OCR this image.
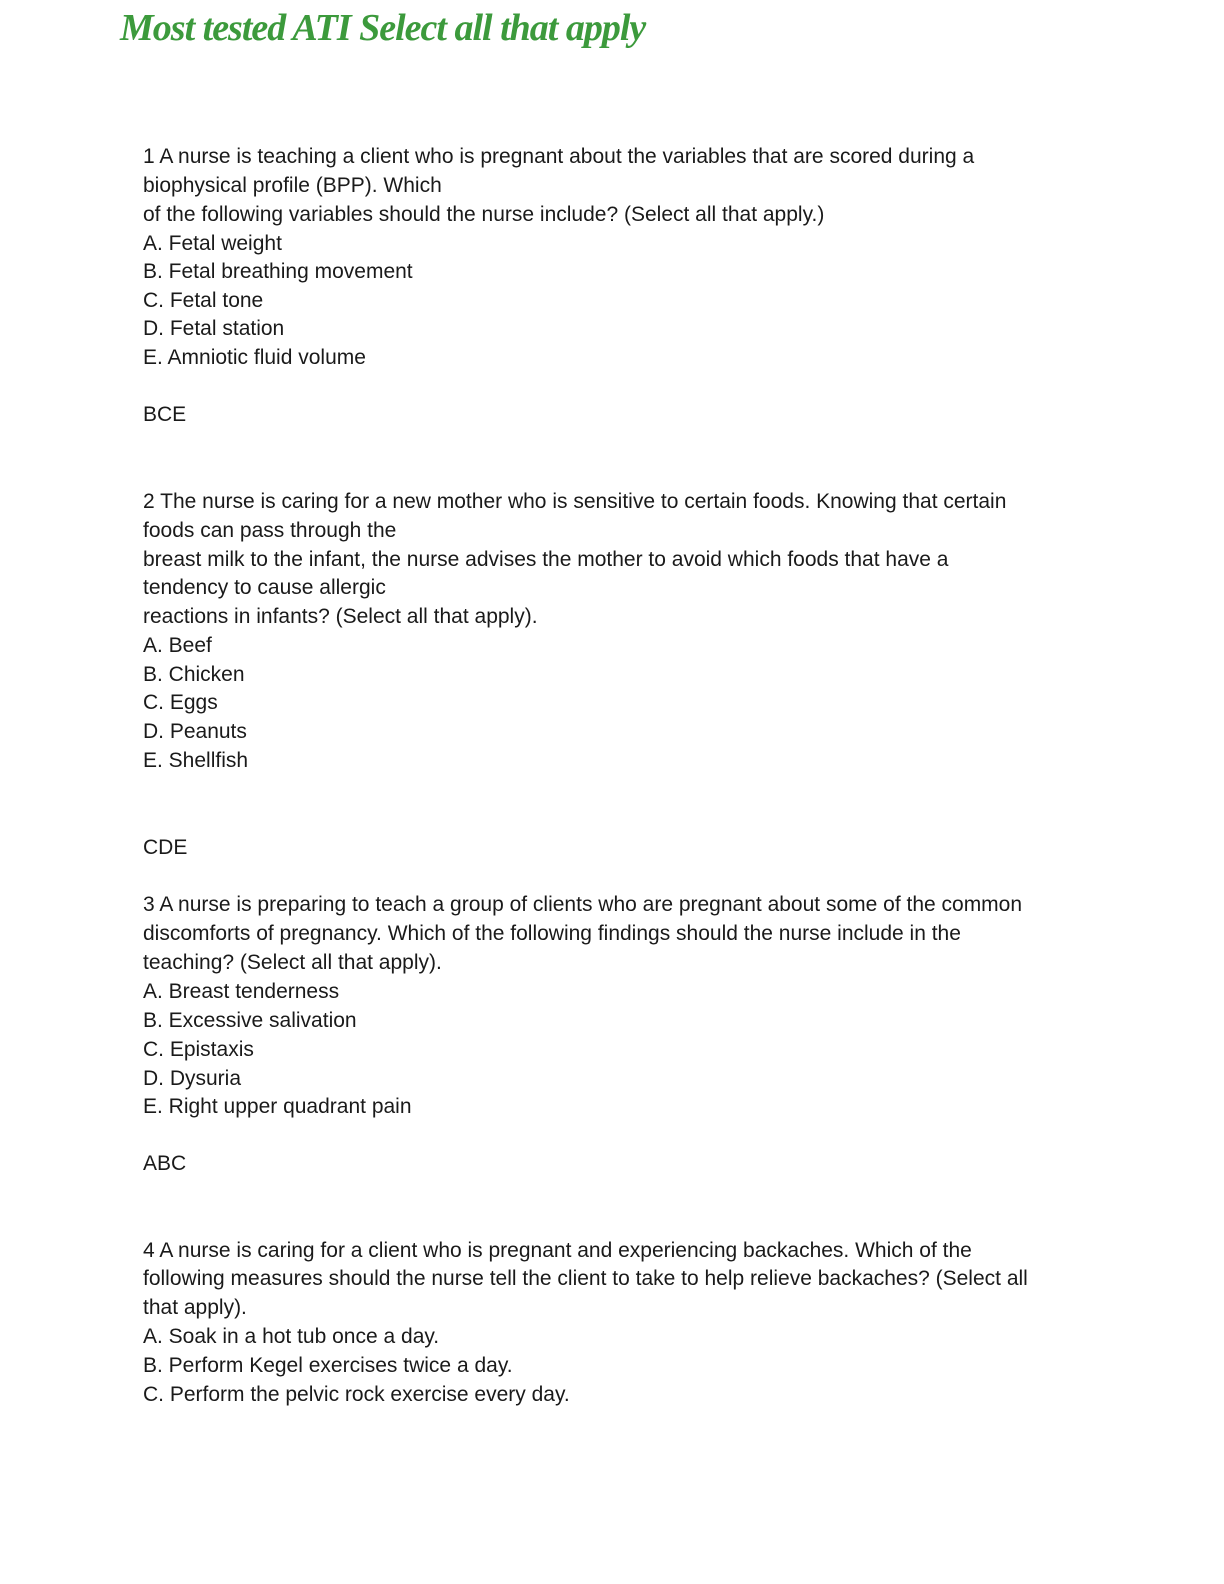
Most tested ATI Select all that apply
1 A nurse is teaching a client who is pregnant about the variables that are scored during a
biophysical profile (BPP). Which
of the following variables should the nurse include? (Select all that apply.)
A. Fetal weight
B. Fetal breathing movement
C. Fetal tone
D. Fetal station
E. Amniotic fluid volume
BCE
2 The nurse is caring for a new mother who is sensitive to certain foods. Knowing that certain
foods can pass through the
breast milk to the infant, the nurse advises the mother to avoid which foods that have a
tendency to cause allergic
reactions in infants? (Select all that apply).
A. Beef
B. Chicken
C. Eggs
D. Peanuts
E. Shellfish
CDE
3 A nurse is preparing to teach a group of clients who are pregnant about some of the common
discomforts of pregnancy. Which of the following findings should the nurse include in the
teaching? (Select all that apply).
A. Breast tenderness
B. Excessive salivation
C. Epistaxis
D. Dysuria
E. Right upper quadrant pain
ABC
4 A nurse is caring for a client who is pregnant and experiencing backaches. Which of the
following measures should the nurse tell the client to take to help relieve backaches? (Select all
that apply).
A. Soak in a hot tub once a day.
B. Perform Kegel exercises twice a day.
C. Perform the pelvic rock exercise every day.
